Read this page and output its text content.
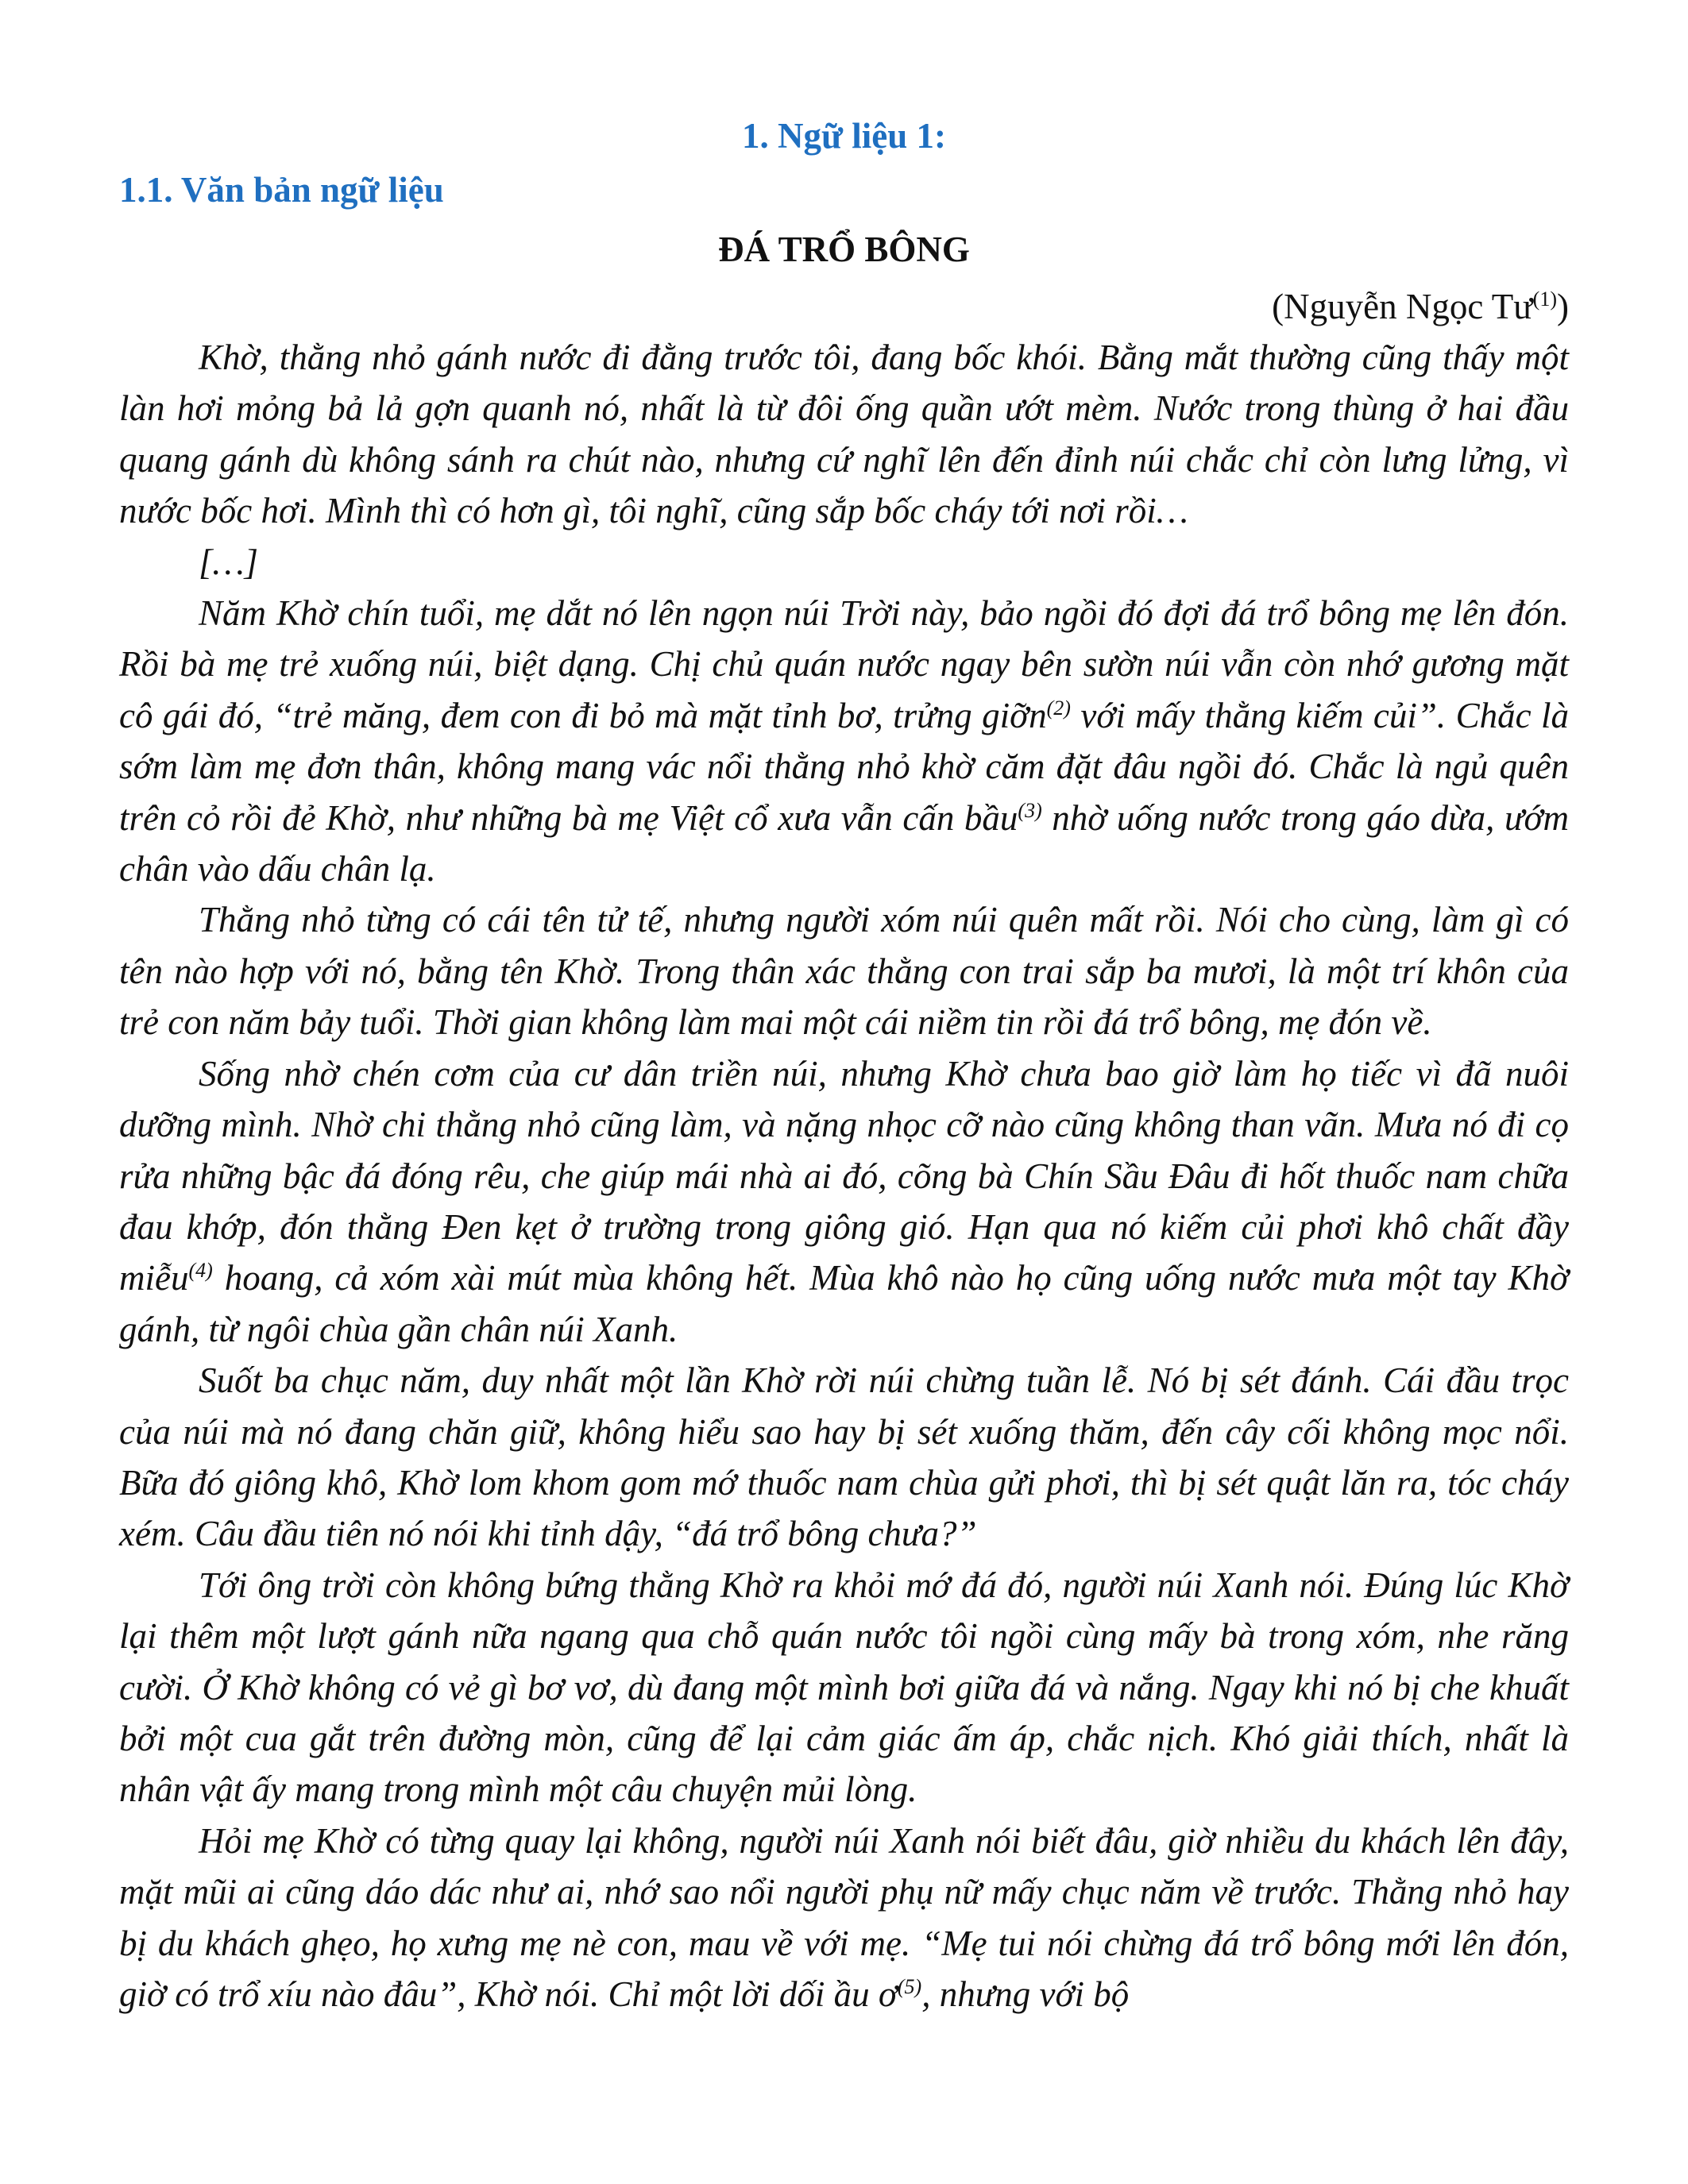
1. Ngữ liệu 1:
1.1. Văn bản ngữ liệu
ĐÁ TRỔ BÔNG
(Nguyễn Ngọc $Tư^{(1)}$)

Khờ, thằng nhỏ gánh nước đi đằng trước tôi, đang bốc khói. Bằng mắt thường cũng thấy một làn hơi mỏng bả lả gợn quanh nó, nhất là từ đôi ống quần ướt mèm. Nước trong thùng ở hai đầu quang gánh dù không sánh ra chút nào, nhưng cứ nghĩ lên đến đỉnh núi chắc chỉ còn lưng lửng, vì nước bốc hơi. Mình thì có hơn gì, tôi nghĩ, cũng sắp bốc cháy tới nơi rồi…

[…]

Năm Khờ chín tuổi, mẹ dắt nó lên ngọn núi Trời này, bảo ngồi đó đợi đá trổ bông mẹ lên đón. Rồi bà mẹ trẻ xuống núi, biệt dạng. Chị chủ quán nước ngay bên sườn núi vẫn còn nhớ gương mặt cô gái đó, “trẻ măng, đem con đi bỏ mà mặt tỉnh bơ, trửng giỡn$^{(2)}$ với mấy thằng kiếm củi”. Chắc là sớm làm mẹ đơn thân, không mang vác nổi thằng nhỏ khờ căm đặt đâu ngồi đó. Chắc là ngủ quên trên cỏ rồi đẻ Khờ, như những bà mẹ Việt cổ xưa vẫn cấn bầu$^{(3)}$ nhờ uống nước trong gáo dừa, ướm chân vào dấu chân lạ.

Thằng nhỏ từng có cái tên tử tế, nhưng người xóm núi quên mất rồi. Nói cho cùng, làm gì có tên nào hợp với nó, bằng tên Khờ. Trong thân xác thằng con trai sắp ba mươi, là một trí khôn của trẻ con năm bảy tuổi. Thời gian không làm mai một cái niềm tin rồi đá trổ bông, mẹ đón về.

Sống nhờ chén cơm của cư dân triền núi, nhưng Khờ chưa bao giờ làm họ tiếc vì đã nuôi dưỡng mình. Nhờ chi thằng nhỏ cũng làm, và nặng nhọc cỡ nào cũng không than vãn. Mưa nó đi cọ rửa những bậc đá đóng rêu, che giúp mái nhà ai đó, cõng bà Chín Sầu Đâu đi hốt thuốc nam chữa đau khớp, đón thằng Đen kẹt ở trường trong giông gió. Hạn qua nó kiếm củi phơi khô chất đầy miễu$^{(4)}$ hoang, cả xóm xài mút mùa không hết. Mùa khô nào họ cũng uống nước mưa một tay Khờ gánh, từ ngôi chùa gần chân núi Xanh.

Suốt ba chục năm, duy nhất một lần Khờ rời núi chừng tuần lễ. Nó bị sét đánh. Cái đầu trọc của núi mà nó đang chăn giữ, không hiểu sao hay bị sét xuống thăm, đến cây cối không mọc nổi. Bữa đó giông khô, Khờ lom khom gom mớ thuốc nam chùa gửi phơi, thì bị sét quật lăn ra, tóc cháy xém. Câu đầu tiên nó nói khi tỉnh dậy, “đá trổ bông chưa?”

Tới ông trời còn không bứng thằng Khờ ra khỏi mớ đá đó, người núi Xanh nói. Đúng lúc Khờ lại thêm một lượt gánh nữa ngang qua chỗ quán nước tôi ngồi cùng mấy bà trong xóm, nhe răng cười. Ở Khờ không có vẻ gì bơ vơ, dù đang một mình bơi giữa đá và nắng. Ngay khi nó bị che khuất bởi một cua gắt trên đường mòn, cũng để lại cảm giác ấm áp, chắc nịch. Khó giải thích, nhất là nhân vật ấy mang trong mình một câu chuyện mủi lòng.

Hỏi mẹ Khờ có từng quay lại không, người núi Xanh nói biết đâu, giờ nhiều du khách lên đây, mặt mũi ai cũng dáo dác như ai, nhớ sao nổi người phụ nữ mấy chục năm về trước. Thằng nhỏ hay bị du khách ghẹo, họ xưng mẹ nè con, mau về với mẹ. “Mẹ tui nói chừng đá trổ bông mới lên đón, giờ có trổ xíu nào đâu”, Khờ nói. Chỉ một lời dối ầu $ơ^{(5)}$, nhưng với bộ
